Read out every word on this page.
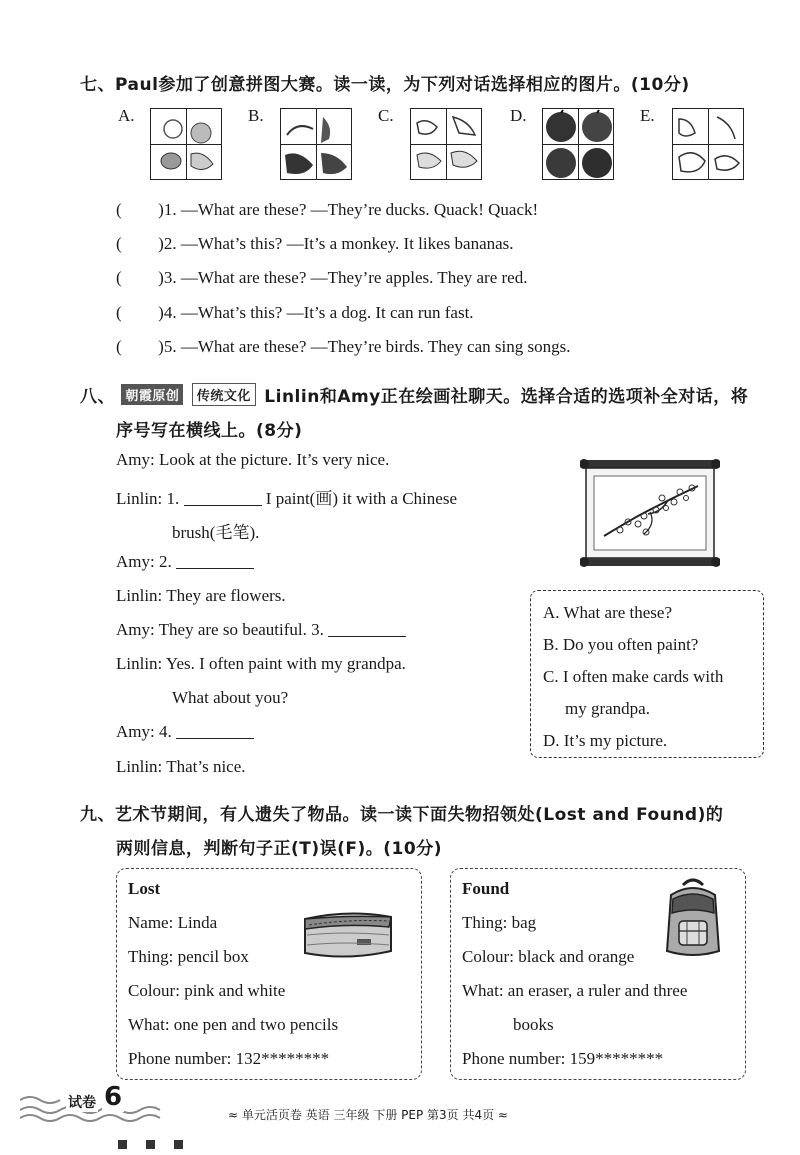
七、Paul参加了创意拼图大赛。读一读，为下列对话选择相应的图片。(10分)
A.	B.	C.	D.	E.
( )1. —What are these? —They’re ducks. Quack! Quack!
( )2. —What’s this? —It’s a monkey. It likes bananas.
( )3. —What are these? —They’re apples. They are red.
( )4. —What’s this? —It’s a dog. It can run fast.
( )5. —What are these? —They’re birds. They can sing songs.
八、 朝霞原创 传统文化 Linlin和Amy正在绘画社聊天。选择合适的选项补全对话，将
序号写在横线上。(8分)
Amy: Look at the picture. It’s very nice.
Linlin: 1.	I paint(画) it with a Chinese
brush(毛笔).
Amy: 2.
Linlin: They are flowers.
Amy: They are so beautiful. 3.
Linlin: Yes. I often paint with my grandpa.
What about you?
Amy: 4.
Linlin: That’s nice.
A. What are these?
B. Do you often paint?
C. I often make cards with
my grandpa.
D. It’s my picture.
九、艺术节期间，有人遗失了物品。读一读下面失物招领处(Lost and Found)的
两则信息，判断句子正(T)误(F)。(10分)
Lost
Name: Linda
Thing: pencil box
Colour: pink and white
What: one pen and two pencils
Phone number: 132********
Found
Thing: bag
Colour: black and orange
What: an eraser, a ruler and three
books
Phone number: 159********
试卷 6
≈ 单元活页卷 英语 三年级 下册 PEP 第3页 共4页 ≈
